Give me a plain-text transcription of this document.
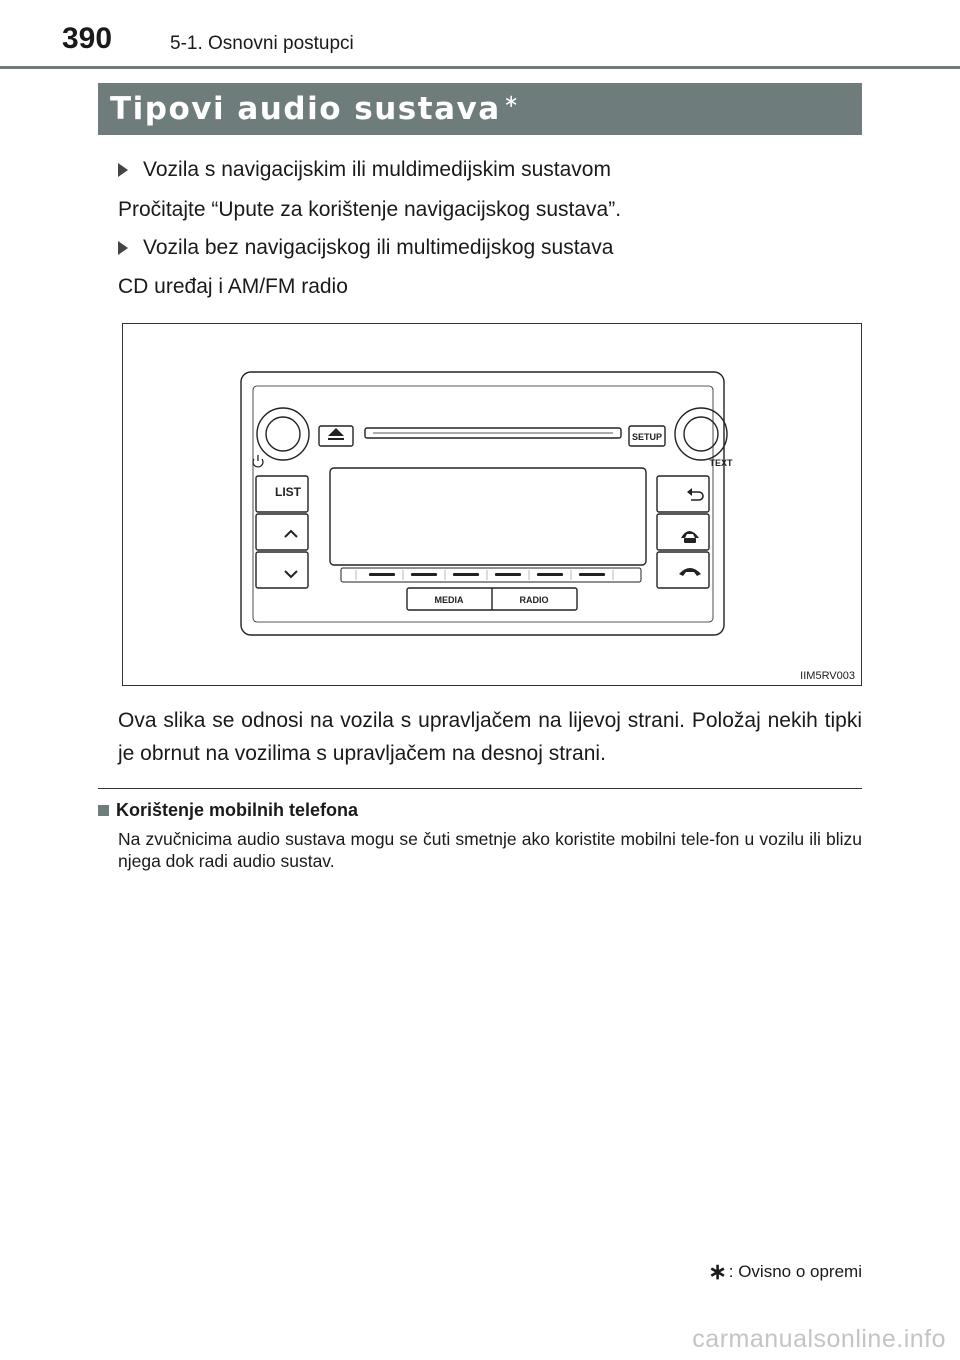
390	5-1. Osnovni postupci
Tipovi audio sustava ∗
Vozila s navigacijskim ili muldimedijskim sustavom
Pročitajte “Upute za korištenje navigacijskog sustava”.
Vozila bez navigacijskog ili multimedijskog sustava
CD uređaj i AM/FM radio
SETUP
TEXT
LIST
MEDIA	RADIO
IIM5RV003
Ova slika se odnosi na vozila s upravljačem na lijevoj strani. Položaj nekih tipki je obrnut na vozilima s upravljačem na desnoj strani.
Korištenje mobilnih telefona
Na zvučnicima audio sustava mogu se čuti smetnje ako koristite mobilni tele-fon u vozilu ili blizu njega dok radi audio sustav.
∗ : Ovisno o opremi
carmanualsonline.info
